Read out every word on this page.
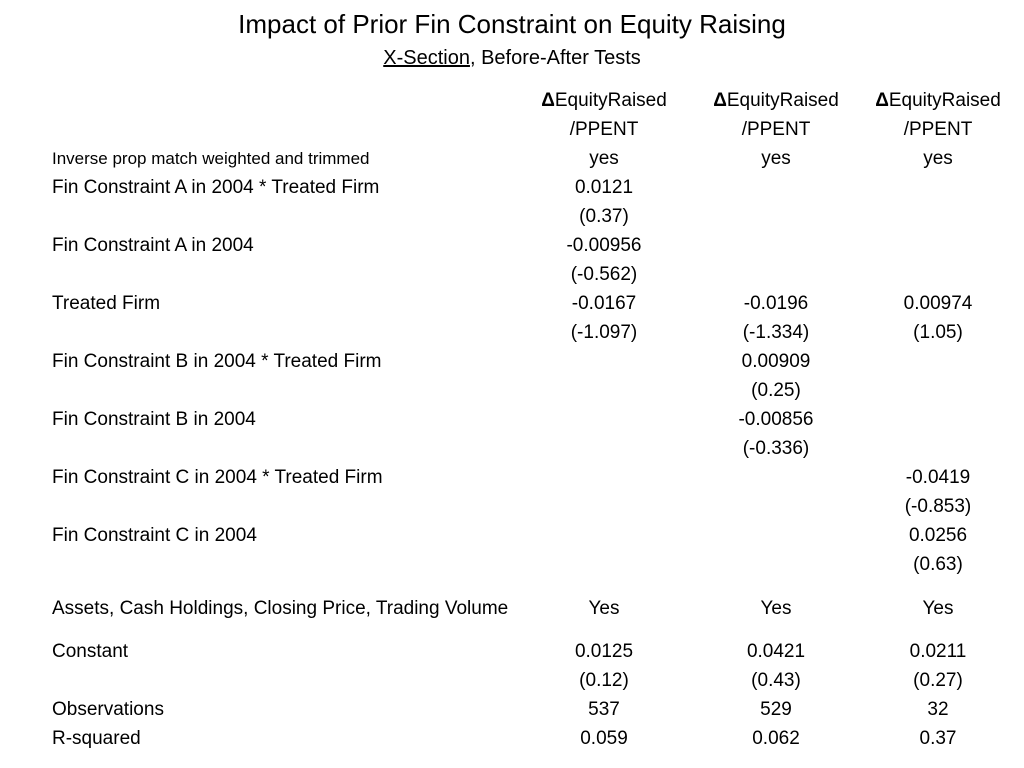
Impact of Prior Fin Constraint on Equity Raising
X-Section, Before-After Tests
	ΔEquityRaised	ΔEquityRaised	ΔEquityRaised
	/PPENT	/PPENT	/PPENT
Inverse prop match weighted and trimmed	yes	yes	yes
Fin Constraint A in 2004 * Treated Firm	0.0121		
	(0.37)		
Fin Constraint A in 2004	-0.00956		
	(-0.562)		
Treated Firm	-0.0167	-0.0196	0.00974
	(-1.097)	(-1.334)	(1.05)
Fin Constraint B in 2004 * Treated Firm		0.00909	
		(0.25)	
Fin Constraint B in 2004		-0.00856	
		(-0.336)	
Fin Constraint C in 2004 * Treated Firm			-0.0419
			(-0.853)
Fin Constraint C in 2004			0.0256
			(0.63)
Assets, Cash Holdings, Closing Price, Trading Volume	Yes	Yes	Yes
Constant	0.0125	0.0421	0.0211
	(0.12)	(0.43)	(0.27)
Observations	537	529	32
R-squared	0.059	0.062	0.37
